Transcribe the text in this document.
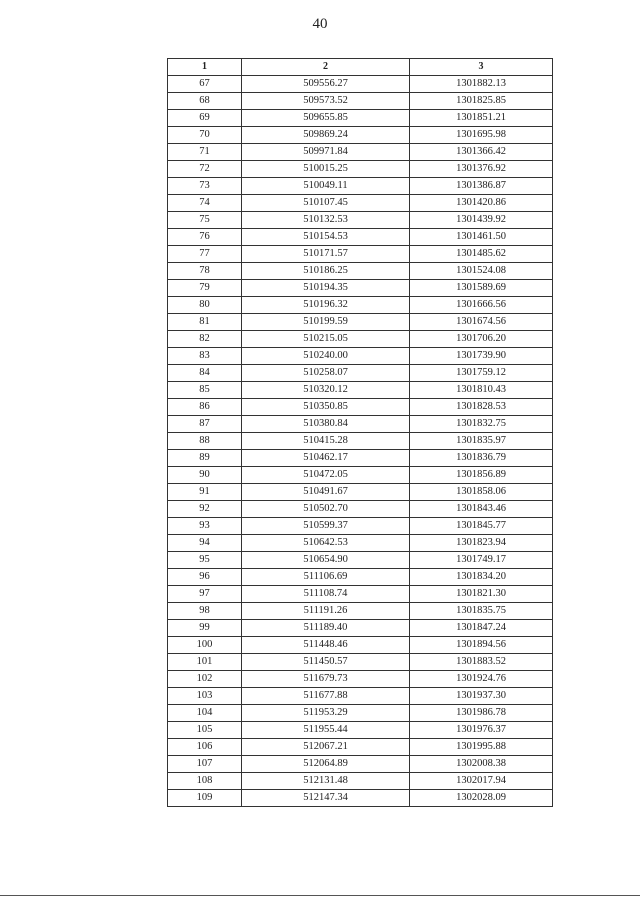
40
1	2	3
67	509556.27	1301882.13
68	509573.52	1301825.85
69	509655.85	1301851.21
70	509869.24	1301695.98
71	509971.84	1301366.42
72	510015.25	1301376.92
73	510049.11	1301386.87
74	510107.45	1301420.86
75	510132.53	1301439.92
76	510154.53	1301461.50
77	510171.57	1301485.62
78	510186.25	1301524.08
79	510194.35	1301589.69
80	510196.32	1301666.56
81	510199.59	1301674.56
82	510215.05	1301706.20
83	510240.00	1301739.90
84	510258.07	1301759.12
85	510320.12	1301810.43
86	510350.85	1301828.53
87	510380.84	1301832.75
88	510415.28	1301835.97
89	510462.17	1301836.79
90	510472.05	1301856.89
91	510491.67	1301858.06
92	510502.70	1301843.46
93	510599.37	1301845.77
94	510642.53	1301823.94
95	510654.90	1301749.17
96	511106.69	1301834.20
97	511108.74	1301821.30
98	511191.26	1301835.75
99	511189.40	1301847.24
100	511448.46	1301894.56
101	511450.57	1301883.52
102	511679.73	1301924.76
103	511677.88	1301937.30
104	511953.29	1301986.78
105	511955.44	1301976.37
106	512067.21	1301995.88
107	512064.89	1302008.38
108	512131.48	1302017.94
109	512147.34	1302028.09
